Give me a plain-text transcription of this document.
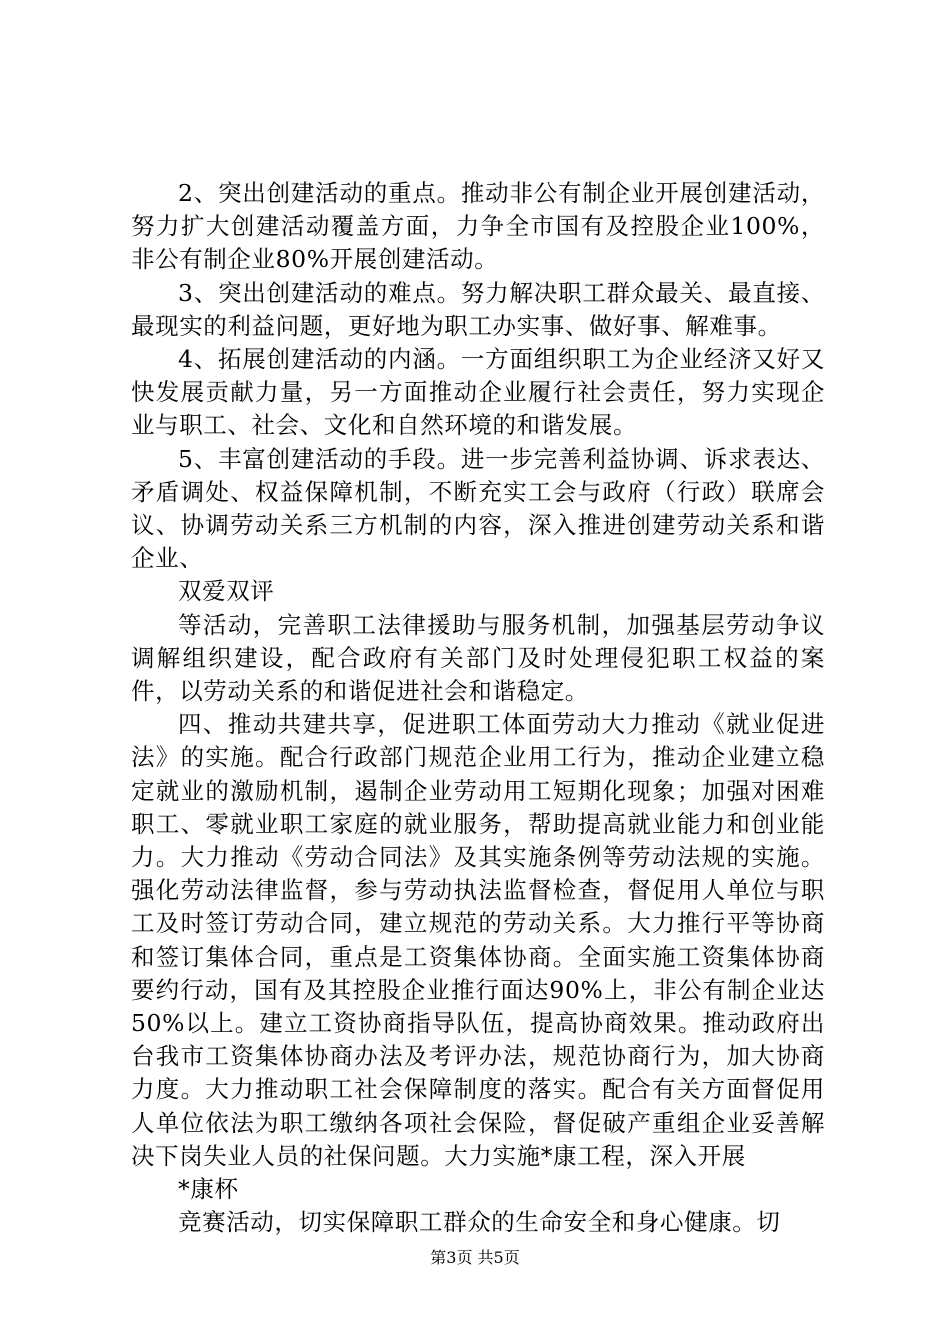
2、突出创建活动的重点。推动非公有制企业开展创建活动，努力扩大创建活动覆盖方面，力争全市国有及控股企业100%，非公有制企业80%开展创建活动。

3、突出创建活动的难点。努力解决职工群众最关、最直接、最现实的利益问题，更好地为职工办实事、做好事、解难事。

4、拓展创建活动的内涵。一方面组织职工为企业经济又好又快发展贡献力量，另一方面推动企业履行社会责任，努力实现企业与职工、社会、文化和自然环境的和谐发展。

5、丰富创建活动的手段。进一步完善利益协调、诉求表达、矛盾调处、权益保障机制，不断充实工会与政府（行政）联席会议、协调劳动关系三方机制的内容，深入推进创建劳动关系和谐企业、

双爱双评

等活动，完善职工法律援助与服务机制，加强基层劳动争议调解组织建设，配合政府有关部门及时处理侵犯职工权益的案件，以劳动关系的和谐促进社会和谐稳定。

四、推动共建共享，促进职工体面劳动大力推动《就业促进法》的实施。配合行政部门规范企业用工行为，推动企业建立稳定就业的激励机制，遏制企业劳动用工短期化现象；加强对困难职工、零就业职工家庭的就业服务，帮助提高就业能力和创业能力。大力推动《劳动合同法》及其实施条例等劳动法规的实施。强化劳动法律监督，参与劳动执法监督检查，督促用人单位与职工及时签订劳动合同，建立规范的劳动关系。大力推行平等协商和签订集体合同，重点是工资集体协商。全面实施工资集体协商要约行动，国有及其控股企业推行面达90%上，非公有制企业达50%以上。建立工资协商指导队伍，提高协商效果。推动政府出台我市工资集体协商办法及考评办法，规范协商行为，加大协商力度。大力推动职工社会保障制度的落实。配合有关方面督促用人单位依法为职工缴纳各项社会保险，督促破产重组企业妥善解决下岗失业人员的社保问题。大力实施*康工程，深入开展

*康杯

竞赛活动，切实保障职工群众的生命安全和身心健康。切

第3页 共5页
